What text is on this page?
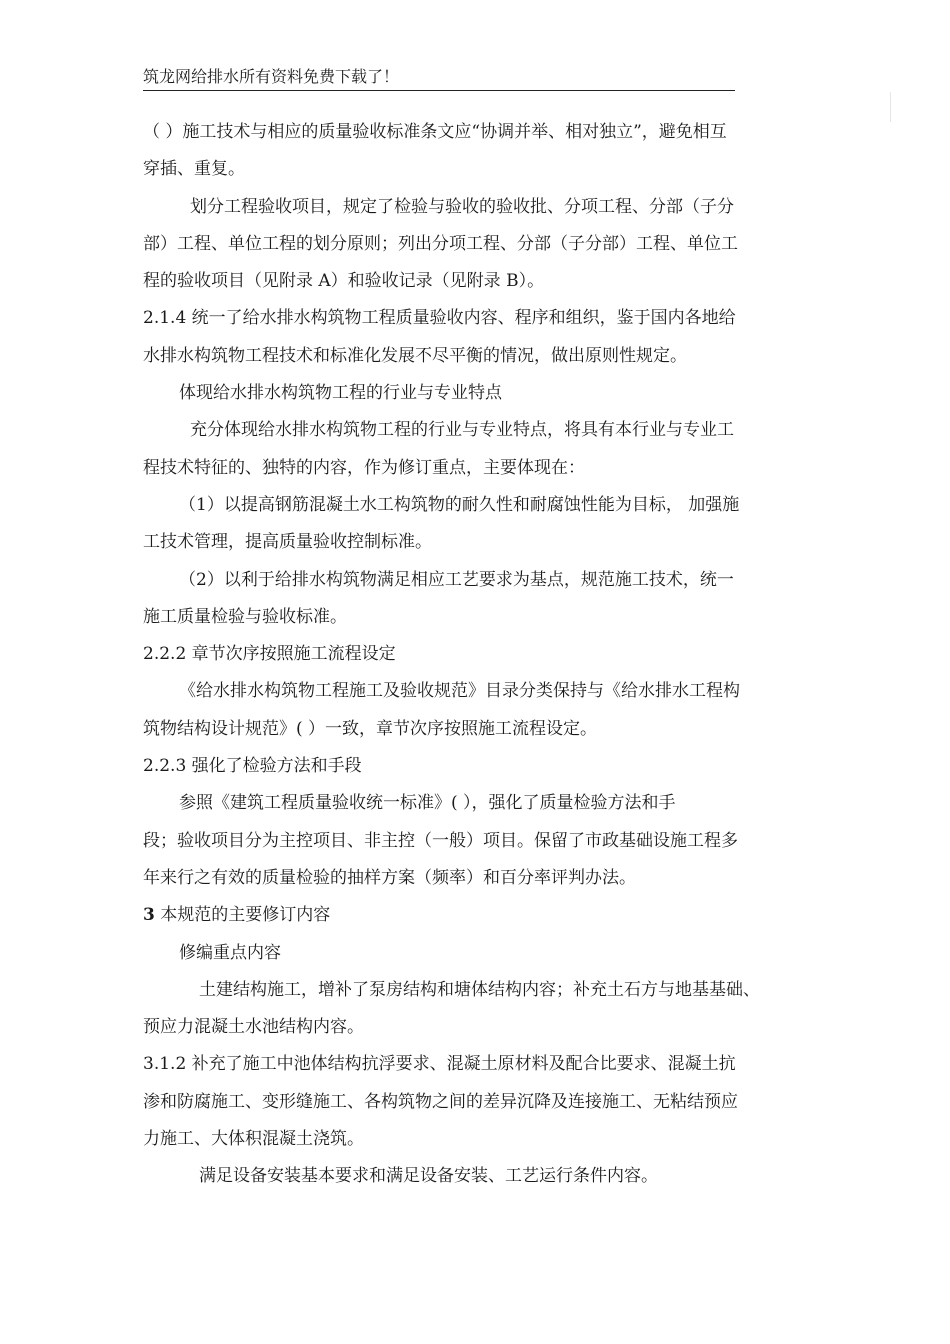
筑龙网给排水所有资料免费下载了！

（ ）施工技术与相应的质量验收标准条文应“协调并举、相对独立”，避免相互

穿插、重复。

划分工程验收项目，规定了检验与验收的验收批、分项工程、分部（子分

部）工程、单位工程的划分原则；列出分项工程、分部（子分部）工程、单位工

程的验收项目（见附录 A）和验收记录（见附录 B）。

2.1.4 统一了给水排水构筑物工程质量验收内容、程序和组织，鉴于国内各地给

水排水构筑物工程技术和标准化发展不尽平衡的情况，做出原则性规定。

体现给水排水构筑物工程的行业与专业特点

充分体现给水排水构筑物工程的行业与专业特点，将具有本行业与专业工

程技术特征的、独特的内容，作为修订重点，主要体现在：

（1）以提高钢筋混凝土水工构筑物的耐久性和耐腐蚀性能为目标， 加强施

工技术管理，提高质量验收控制标准。

（2）以利于给排水构筑物满足相应工艺要求为基点，规范施工技术，统一

施工质量检验与验收标准。

2.2.2 章节次序按照施工流程设定

《给水排水构筑物工程施工及验收规范》目录分类保持与《给水排水工程构

筑物结构设计规范》( ）一致，章节次序按照施工流程设定。

2.2.3 强化了检验方法和手段

参照《建筑工程质量验收统一标准》( ），强化了质量检验方法和手

段；验收项目分为主控项目、非主控（一般）项目。保留了市政基础设施工程多

年来行之有效的质量检验的抽样方案（频率）和百分率评判办法。

3 本规范的主要修订内容

修编重点内容

土建结构施工，增补了泵房结构和塘体结构内容；补充土石方与地基基础、

预应力混凝土水池结构内容。

3.1.2 补充了施工中池体结构抗浮要求、混凝土原材料及配合比要求、混凝土抗

渗和防腐施工、变形缝施工、各构筑物之间的差异沉降及连接施工、无粘结预应

力施工、大体积混凝土浇筑。

满足设备安装基本要求和满足设备安装、工艺运行条件内容。
